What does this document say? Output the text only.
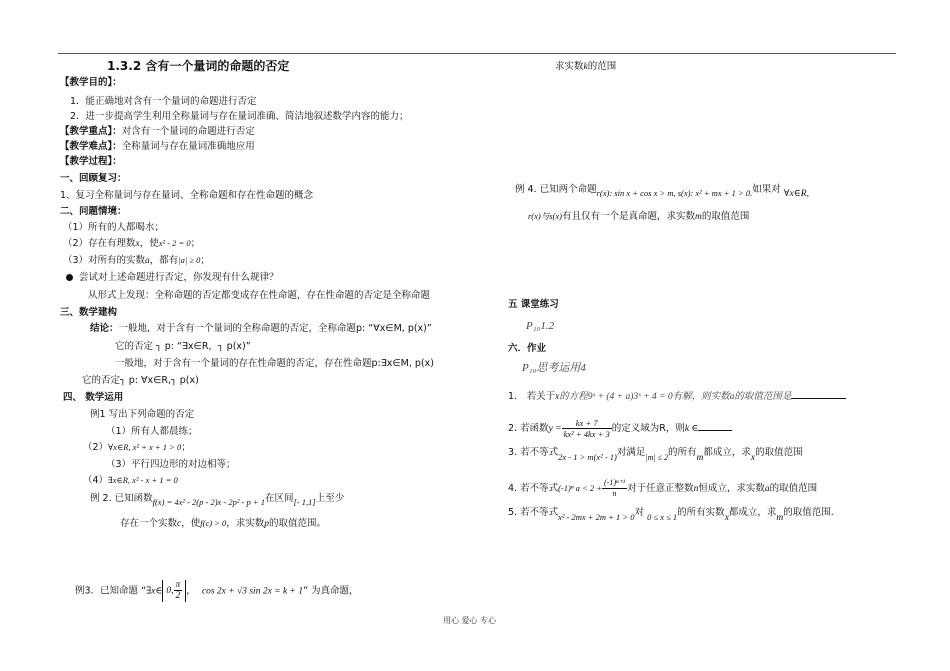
1.3.2 含有一个量词的命题的否定
【教学目的】：
1．能正确地对含有一个量词的命题进行否定
2．进一步提高学生利用全称量词与存在量词准确、简洁地叙述数学内容的能力；
【教学重点】：对含有一个量词的命题进行否定
【教学难点】：全称量词与存在量词准确地应用
【教学过程】：
一、回顾复习：
1、复习全称量词与存在量词、全称命题和存在性命题的概念
二、问题情境：
（1）所有的人都喝水；
（2）存在有理数x，使x² - 2 = 0；
（3）对所有的实数a，都有|a| ≥ 0；
尝试对上述命题进行否定，你发现有什么规律？
从形式上发现：全称命题的否定都变成存在性命题，存在性命题的否定是全称命题
三、数学建构
结论：一般地，对于含有一个量词的全称命题的否定，全称命题p: “∀x∈M, p(x)”
它的否定 ┐ p: “∃x∈R，┐ p(x)”
一般地，对于含有一个量词的存在性命题的否定，存在性命题p:∃x∈M, p(x)
它的否定┐ p: ∀x∈R,┐ p(x)
四、 数学运用
例1 写出下列命题的否定
（1）所有人都晨练；
（2）∀x∈R, x² + x + 1 > 0；
（3）平行四边形的对边相等；
（4）∃x∈R, x² - x + 1 = 0
例 2. 已知函数f(x) = 4x² - 2(p - 2)x - 2p² - p + 1在区间[- 1,1]上至少
存在一个实数c，使f(c) > 0，求实数p的取值范围。
例3．已知命题 “∃x∈ 0, $\frac{\pi}{2}$ ， cos 2x + √3 sin 2x = k + 1” 为真命题，
求实数k的范围
例 4. 已知两个命题r(x): sin x + cos x > m, s(x): x² + mx + 1 > 0.如果对 ∀x∈R,
r(x)与s(x)有且仅有一个是真命题，求实数m的取值范围
五 课堂练习
P₁₀1.2
六．作业
P₁₀思考运用4
1． 若关于x的方程9ˣ + (4 + a)3ˣ + 4 = 0有解，则实数a的取值范围是
2. 若函数$y = \frac{kx + 7}{\text{kx² + 4kx + 3}}$ 的定义域为R，则k ∈
3. 若不等式2x - 1 > m(x² - 1)对满足$_{|m| \le 2}$的所有m都成立，求x的取值范围
4. 若不等式(-1)ⁿ $a < 2 + \frac{\text{(-1)ⁿ⁺¹}}{n}$ 对于任意正整数n恒成立，求实数a的取值范围
5. 若不等式x² - 2mx + 2m + 1 > 0对 0 ≤ x ≤ 1的所有实数x都成立，求m的取值范围.
用心 爱心 专心
